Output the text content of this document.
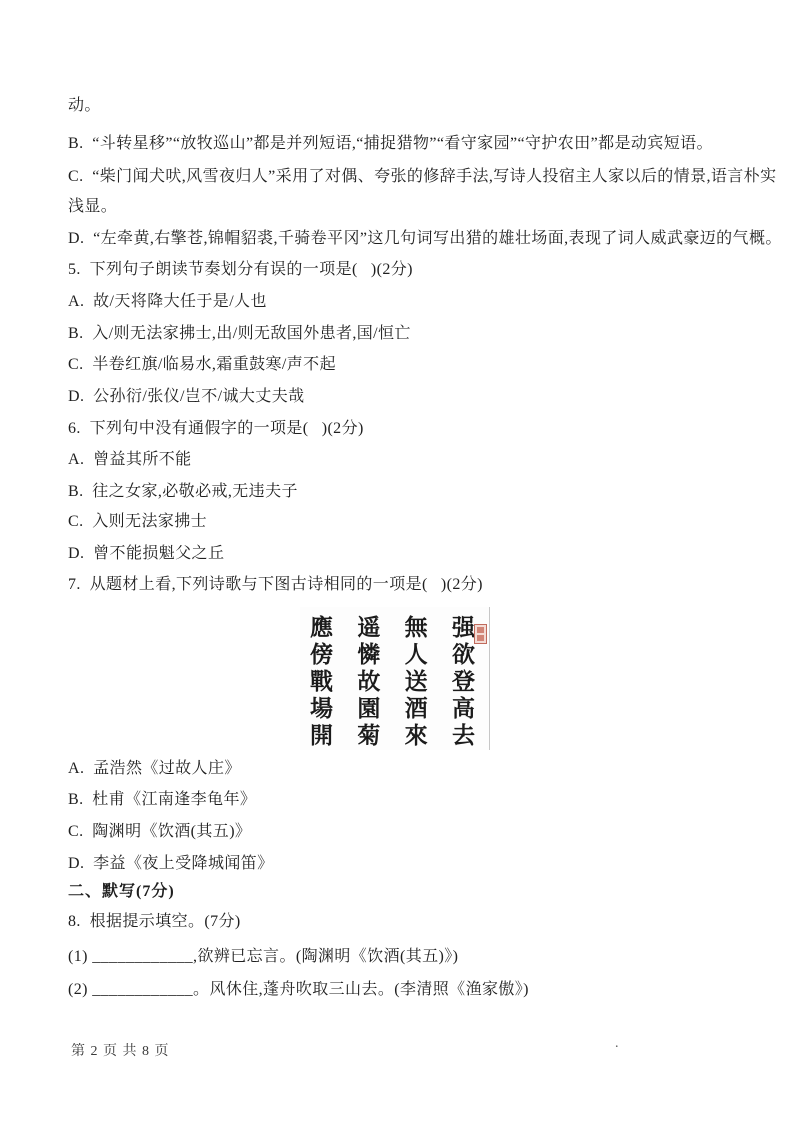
动。
B.  “斗转星移”“放牧巡山”都是并列短语,“捕捉猎物”“看守家园”“守护农田”都是动宾短语。
C.  “柴门闻犬吠,风雪夜归人”采用了对偶、夸张的修辞手法,写诗人投宿主人家以后的情景,语言朴实
浅显。
D.  “左牵黄,右擎苍,锦帽貂裘,千骑卷平冈”这几句词写出猎的雄壮场面,表现了词人威武豪迈的气概。
5.  下列句子朗读节奏划分有误的一项是(   )(2分)
A.  故/天将降大任于是/人也
B.  入/则无法家拂士,出/则无敌国外患者,国/恒亡
C.  半卷红旗/临易水,霜重鼓寒/声不起
D.  公孙衍/张仪/岂不/诚大丈夫哉
6.  下列句中没有通假字的一项是(   )(2分)
A.  曾益其所不能
B.  往之女家,必敬必戒,无违夫子
C.  入则无法家拂士
D.  曾不能损魁父之丘
7.  从题材上看,下列诗歌与下图古诗相同的一项是(   )(2分)
應傍戰場開 遥憐故園菊 無人送酒來 强欲登高去
A.  孟浩然《过故人庄》
B.  杜甫《江南逢李龟年》
C.  陶渊明《饮酒(其五)》
D.  李益《夜上受降城闻笛》
二、默写(7分)
8.  根据提示填空。(7分)
(1) ____________,欲辨已忘言。(陶渊明《饮酒(其五)》)
(2) ____________。风休住,蓬舟吹取三山去。(李清照《渔家傲》)
第 2 页 共 8 页
.
